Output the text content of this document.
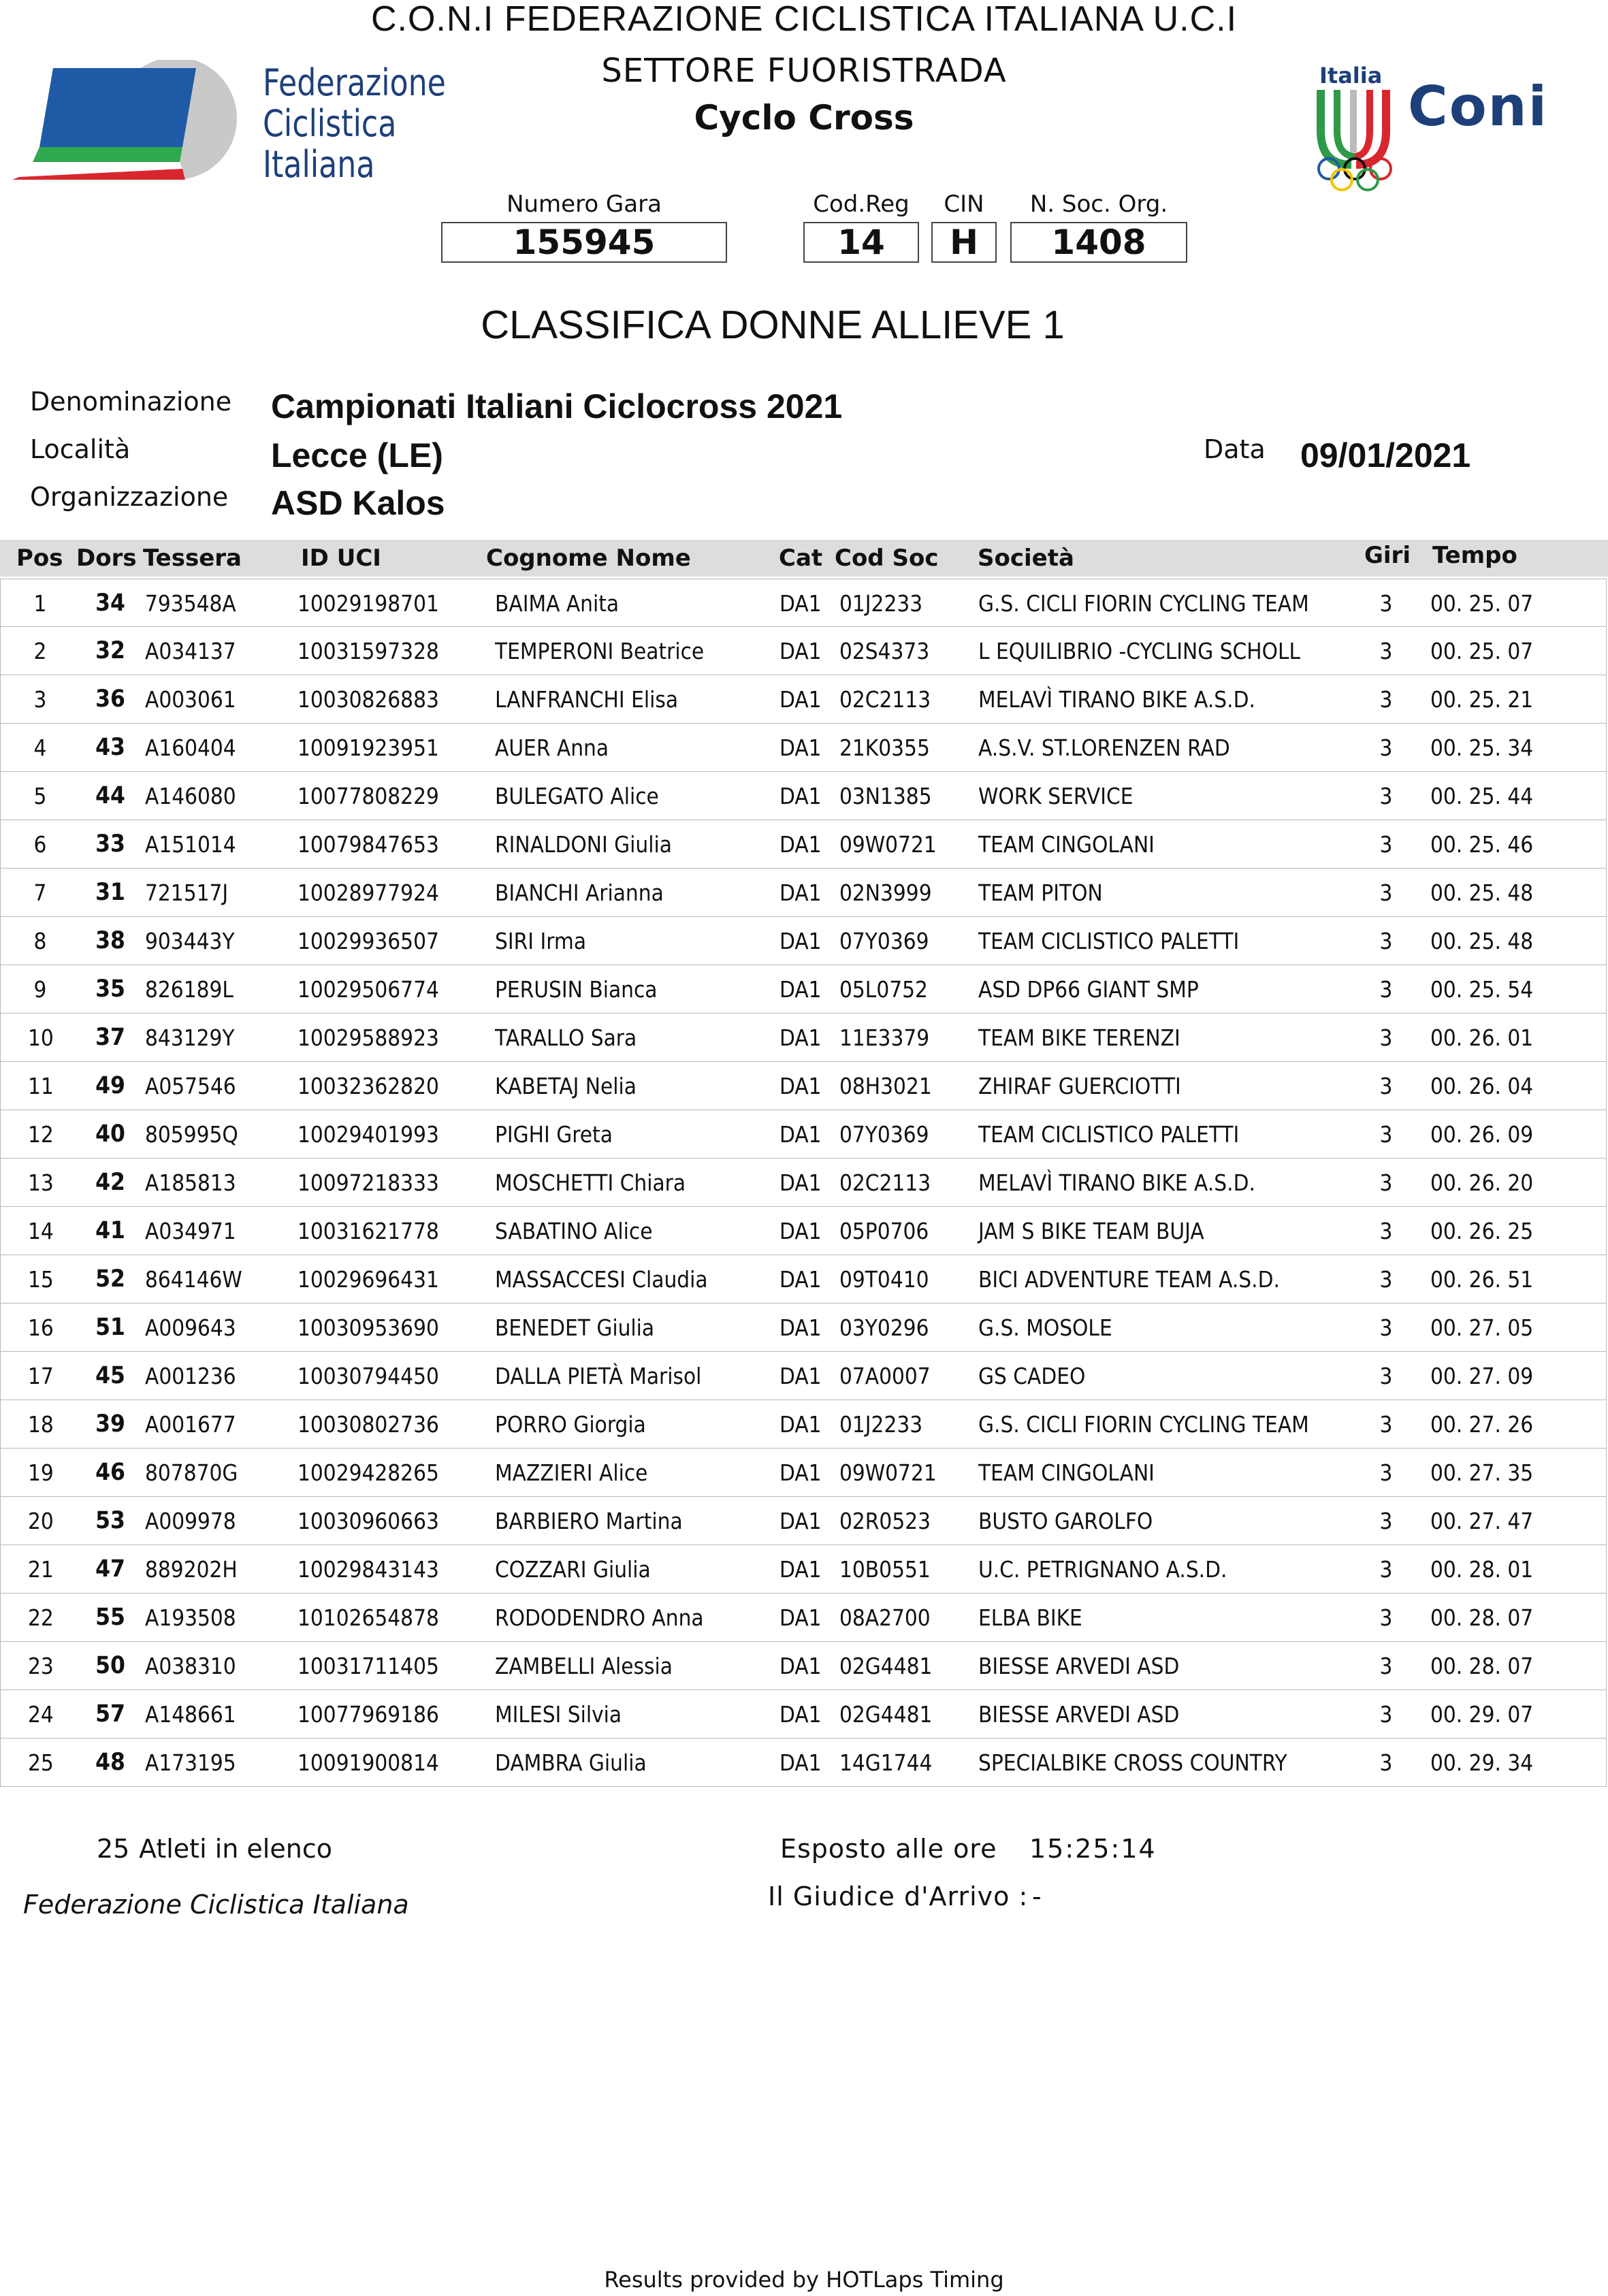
C.O.N.I FEDERAZIONE CICLISTICA ITALIANA U.C.I
SETTORE FUORISTRADA
Cyclo Cross
Federazione
Ciclistica
Italiana
Italia Coni
Numero Gara
155945
Cod.Reg
14
CIN
H
N. Soc. Org.
1408
CLASSIFICA DONNE ALLIEVE 1
Denominazione Campionati Italiani Ciclocross 2021
Località	Lecce (LE)
Organizzazione ASD Kalos
Data 09/01/2021
Pos Dors Tessera	ID UCI	Cognome Nome	Cat Cod Soc Società	Giri Tempo
1 34 793548A	10029198701	BAIMA Anita	DA1 01J2233	G.S. CICLI FIORIN CYCLING TEAM	3 00. 25. 07
2 32 A034137	10031597328	TEMPERONI Beatrice	DA1 02S4373	L EQUILIBRIO -CYCLING SCHOLL	3 00. 25. 07
3 36 A003061	10030826883	LANFRANCHI Elisa	DA1 02C2113	MELAVÌ TIRANO BIKE A.S.D.	3 00. 25. 21
4 43 A160404	10091923951	AUER Anna	DA1 21K0355	A.S.V. ST.LORENZEN RAD	3 00. 25. 34
5 44 A146080	10077808229	BULEGATO Alice	DA1 03N1385	WORK SERVICE	3 00. 25. 44
6 33 A151014	10079847653	RINALDONI Giulia	DA1 09W0721	TEAM CINGOLANI	3 00. 25. 46
7 31 721517J	10028977924	BIANCHI Arianna	DA1 02N3999	TEAM PITON	3 00. 25. 48
8 38 903443Y	10029936507	SIRI Irma	DA1 07Y0369	TEAM CICLISTICO PALETTI	3 00. 25. 48
9 35 826189L	10029506774	PERUSIN Bianca	DA1 05L0752	ASD DP66 GIANT SMP	3 00. 25. 54
10 37 843129Y	10029588923	TARALLO Sara	DA1 11E3379	TEAM BIKE TERENZI	3 00. 26. 01
11 49 A057546	10032362820	KABETAJ Nelia	DA1 08H3021	ZHIRAF GUERCIOTTI	3 00. 26. 04
12 40 805995Q	10029401993	PIGHI Greta	DA1 07Y0369	TEAM CICLISTICO PALETTI	3 00. 26. 09
13 42 A185813	10097218333	MOSCHETTI Chiara	DA1 02C2113	MELAVÌ TIRANO BIKE A.S.D.	3 00. 26. 20
14 41 A034971	10031621778	SABATINO Alice	DA1 05P0706	JAM S BIKE TEAM BUJA	3 00. 26. 25
15 52 864146W	10029696431	MASSACCESI Claudia	DA1 09T0410	BICI ADVENTURE TEAM A.S.D.	3 00. 26. 51
16 51 A009643	10030953690	BENEDET Giulia	DA1 03Y0296	G.S. MOSOLE	3 00. 27. 05
17 45 A001236	10030794450	DALLA PIETÀ Marisol	DA1 07A0007	GS CADEO	3 00. 27. 09
18 39 A001677	10030802736	PORRO Giorgia	DA1 01J2233	G.S. CICLI FIORIN CYCLING TEAM	3 00. 27. 26
19 46 807870G	10029428265	MAZZIERI Alice	DA1 09W0721	TEAM CINGOLANI	3 00. 27. 35
20 53 A009978	10030960663	BARBIERO Martina	DA1 02R0523	BUSTO GAROLFO	3 00. 27. 47
21 47 889202H	10029843143	COZZARI Giulia	DA1 10B0551	U.C. PETRIGNANO A.S.D.	3 00. 28. 01
22 55 A193508	10102654878	RODODENDRO Anna	DA1 08A2700	ELBA BIKE	3 00. 28. 07
23 50 A038310	10031711405	ZAMBELLI Alessia	DA1 02G4481	BIESSE ARVEDI ASD	3 00. 28. 07
24 57 A148661	10077969186	MILESI Silvia	DA1 02G4481	BIESSE ARVEDI ASD	3 00. 29. 07
25 48 A173195	10091900814	DAMBRA Giulia	DA1 14G1744	SPECIALBIKE CROSS COUNTRY	3 00. 29. 34
25 Atleti in elenco	Esposto alle ore 15:25:14
Federazione Ciclistica Italiana	Il Giudice d'Arrivo : -
Results provided by HOTLaps Timing
